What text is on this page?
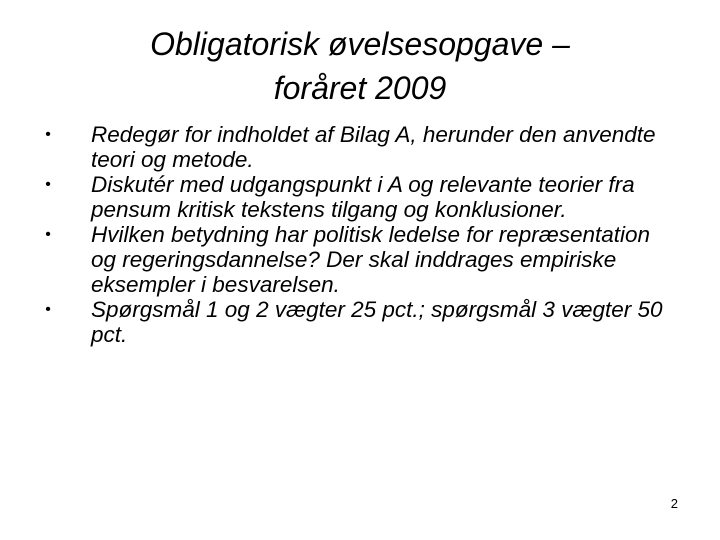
Obligatorisk øvelsesopgave –
foråret 2009
•	Redegør for indholdet af Bilag A, herunder den anvendte teori og metode.
•	Diskutér med udgangspunkt i A og relevante teorier fra pensum kritisk tekstens tilgang og konklusioner.
•	Hvilken betydning har politisk ledelse for repræsentation og regeringsdannelse? Der skal inddrages empiriske eksempler i besvarelsen.
•	Spørgsmål 1 og 2 vægter 25 pct.; spørgsmål 3 vægter 50 pct.
2
